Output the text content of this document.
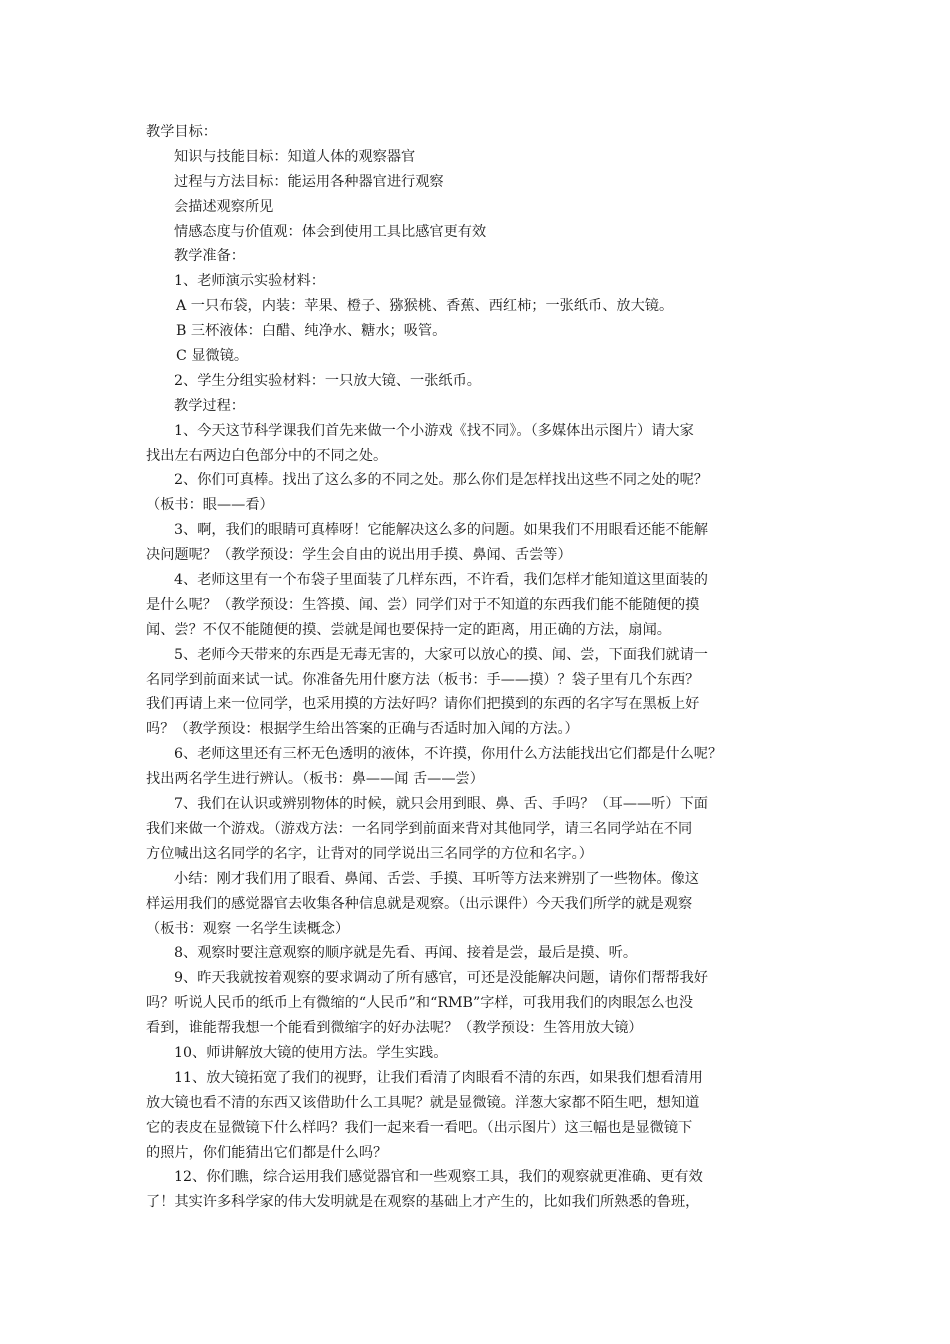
教学目标：
知识与技能目标：知道人体的观察器官
过程与方法目标：能运用各种器官进行观察
会描述观察所见
情感态度与价值观：体会到使用工具比感官更有效
教学准备：
1、老师演示实验材料：
A 一只布袋，内装：苹果、橙子、猕猴桃、香蕉、西红柿；一张纸币、放大镜。
B 三杯液体：白醋、纯净水、糖水；吸管。
C 显微镜。
2、学生分组实验材料：一只放大镜、一张纸币。
教学过程：
1、今天这节科学课我们首先来做一个小游戏《找不同》。（多媒体出示图片）请大家
找出左右两边白色部分中的不同之处。
2、你们可真棒。找出了这么多的不同之处。那么你们是怎样找出这些不同之处的呢？
（板书：眼——看）
3、啊，我们的眼睛可真棒呀！它能解决这么多的问题。如果我们不用眼看还能不能解
决问题呢？（教学预设：学生会自由的说出用手摸、鼻闻、舌尝等）
4、老师这里有一个布袋子里面装了几样东西，不许看，我们怎样才能知道这里面装的
是什么呢？（教学预设：生答摸、闻、尝）同学们对于不知道的东西我们能不能随便的摸
闻、尝？不仅不能随便的摸、尝就是闻也要保持一定的距离，用正确的方法，扇闻。
5、老师今天带来的东西是无毒无害的，大家可以放心的摸、闻、尝，下面我们就请一
名同学到前面来试一试。你准备先用什麽方法（板书：手——摸）？袋子里有几个东西？
我们再请上来一位同学，也采用摸的方法好吗？请你们把摸到的东西的名字写在黑板上好
吗？（教学预设：根据学生给出答案的正确与否适时加入闻的方法。）
6、老师这里还有三杯无色透明的液体，不许摸，你用什么方法能找出它们都是什么呢？
找出两名学生进行辨认。（板书：鼻——闻 舌——尝）
7、我们在认识或辨别物体的时候，就只会用到眼、鼻、舌、手吗？（耳——听）下面
我们来做一个游戏。（游戏方法：一名同学到前面来背对其他同学，请三名同学站在不同
方位喊出这名同学的名字，让背对的同学说出三名同学的方位和名字。）
小结：刚才我们用了眼看、鼻闻、舌尝、手摸、耳听等方法来辨别了一些物体。像这
样运用我们的感觉器官去收集各种信息就是观察。（出示课件）今天我们所学的就是观察
（板书：观察 一名学生读概念）
8、观察时要注意观察的顺序就是先看、再闻、接着是尝，最后是摸、听。
9、昨天我就按着观察的要求调动了所有感官，可还是没能解决问题，请你们帮帮我好
吗？听说人民币的纸币上有微缩的“人民币”和“RMB”字样，可我用我们的肉眼怎么也没
看到，谁能帮我想一个能看到微缩字的好办法呢？（教学预设：生答用放大镜）
10、师讲解放大镜的使用方法。学生实践。
11、放大镜拓宽了我们的视野，让我们看清了肉眼看不清的东西，如果我们想看清用
放大镜也看不清的东西又该借助什么工具呢？就是显微镜。洋葱大家都不陌生吧，想知道
它的表皮在显微镜下什么样吗？我们一起来看一看吧。（出示图片）这三幅也是显微镜下
的照片，你们能猜出它们都是什么吗？
12、你们瞧，综合运用我们感觉器官和一些观察工具，我们的观察就更准确、更有效
了！其实许多科学家的伟大发明就是在观察的基础上才产生的，比如我们所熟悉的鲁班，
